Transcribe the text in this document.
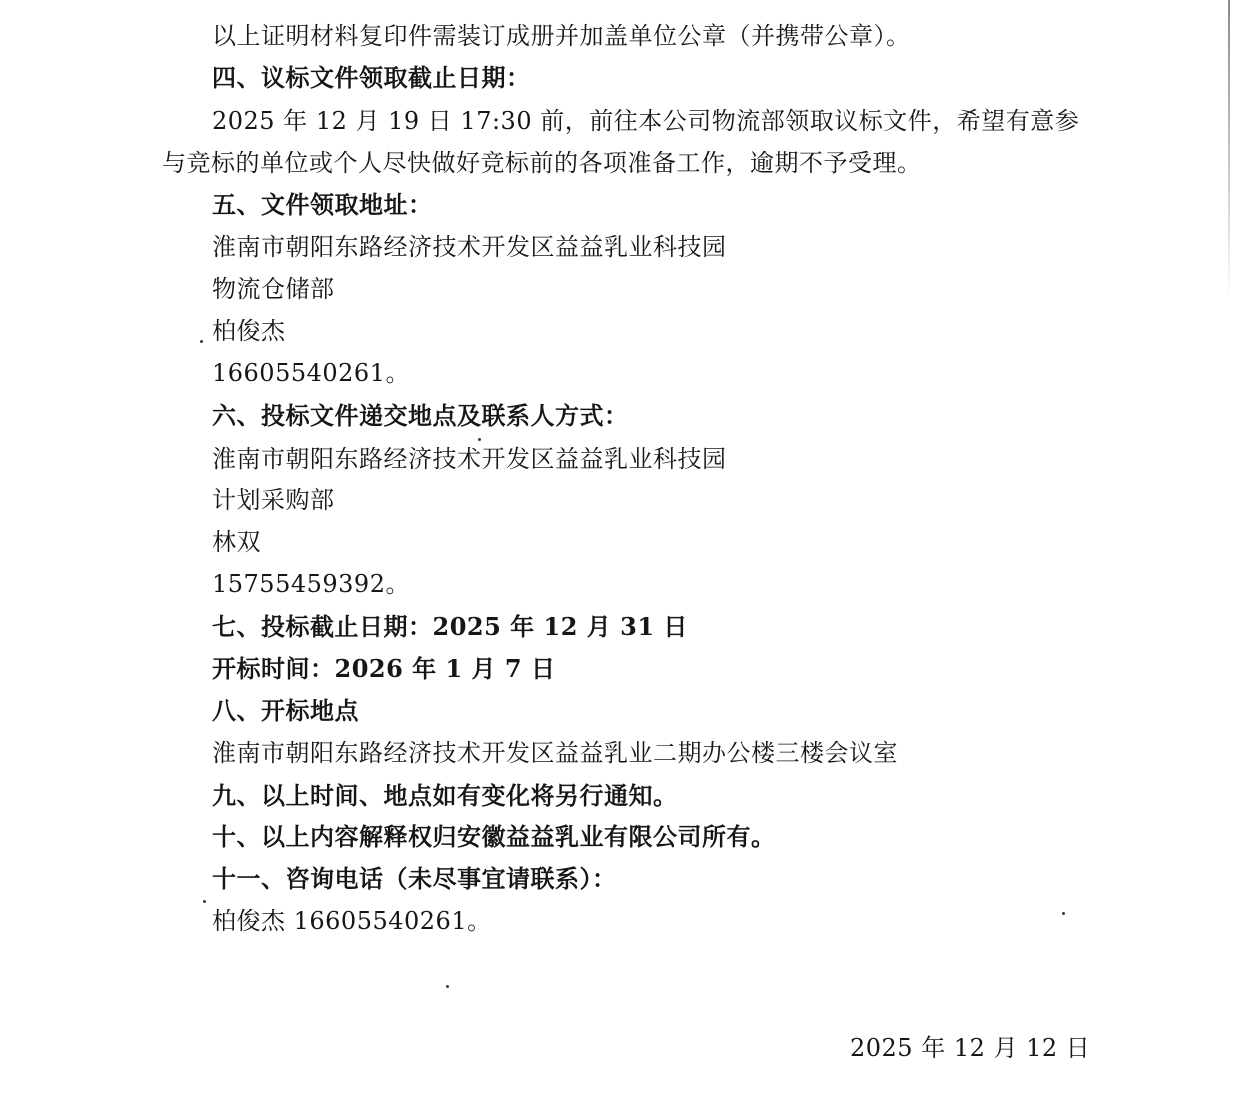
以上证明材料复印件需装订成册并加盖单位公章（并携带公章）。
四、议标文件领取截止日期：
2025 年 12 月 19 日 17:30 前，前往本公司物流部领取议标文件，希望有意参
与竞标的单位或个人尽快做好竞标前的各项准备工作，逾期不予受理。
五、文件领取地址：
淮南市朝阳东路经济技术开发区益益乳业科技园
物流仓储部
柏俊杰
16605540261。
六、投标文件递交地点及联系人方式：
淮南市朝阳东路经济技术开发区益益乳业科技园
计划采购部
林双
15755459392。
七、投标截止日期：2025 年 12 月 31 日
开标时间：2026 年 1 月 7 日
八、开标地点
淮南市朝阳东路经济技术开发区益益乳业二期办公楼三楼会议室
九、以上时间、地点如有变化将另行通知。
十、以上内容解释权归安徽益益乳业有限公司所有。
十一、咨询电话（未尽事宜请联系）：
柏俊杰 16605540261。
2025 年 12 月 12 日
